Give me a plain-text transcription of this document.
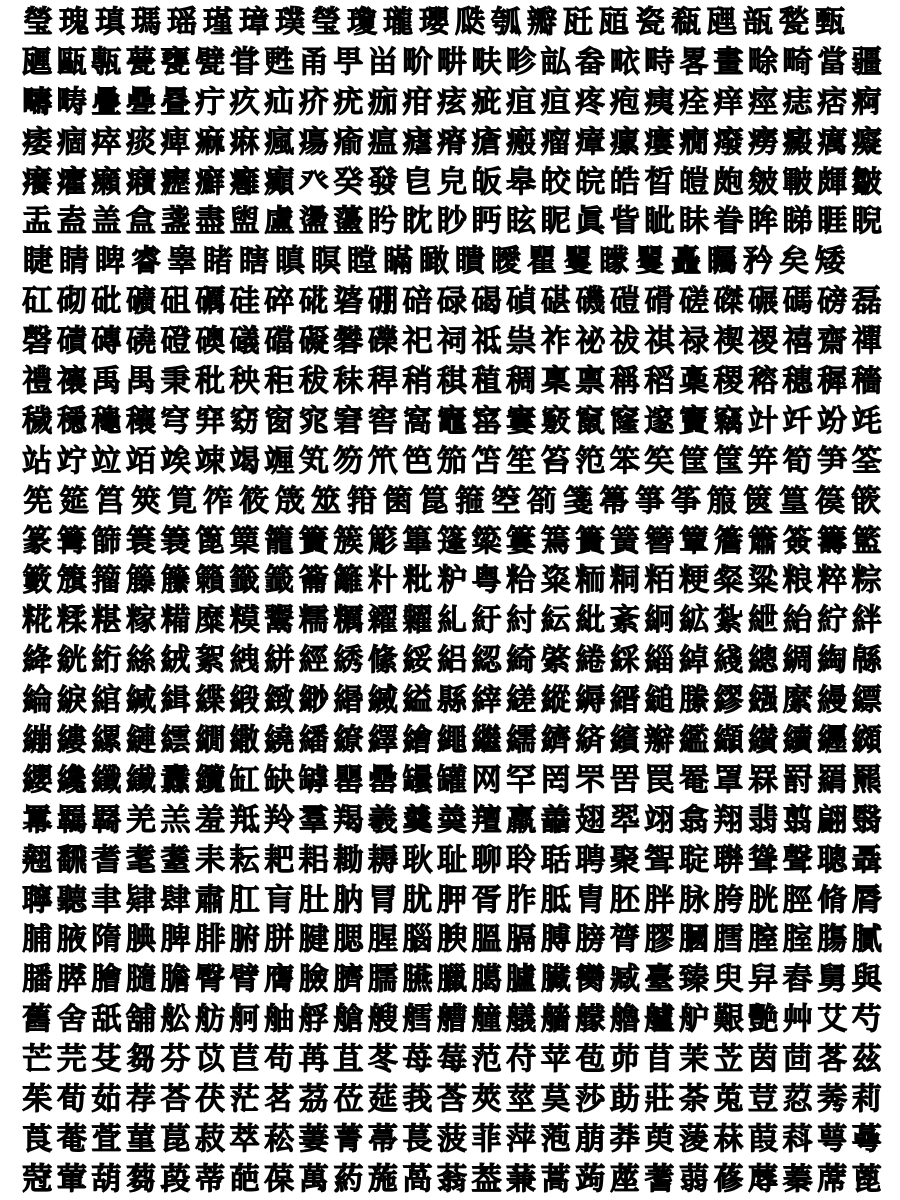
瑩 瑰 瑱 瑪 瑶 瑾 璋 璞 瑩 瓊 瓏 瓔 瓞 瓠 瓣 瓩 瓸 瓷 瓻 瓼 瓿 甃 甄
甅 甌 甎 甍 甕 甓 甞 甦 甬 甼 畄 畍 畊 畉 畛 畆 畚 畩 畤 畧 畫 畭 畸 當 疆
疇 畴 疊 疉 疂 疔 疚 疝 疥 疣 痂 疳 痃 疵 疽 疸 疼 疱 痍 痊 痒 痙 痣 痞 痾
痿 痼 瘁 痰 痺 痲 痳 瘋 瘍 瘉 瘟 瘧 瘠 瘡 瘢 瘤 瘴 瘰 瘻 癇 癈 癆 癜 癘 癡
癢 癨 癩 癪 癧 癬 癰 癲 癶 癸 發 皀 皃 皈 皋 皎 皖 皓 晳 皚 皰 皴 皸 皹 皺
盂 盍 盖 盒 盞 盡 盥 盧 盪 蘯 盻 眈 眇 眄 眩 眤 眞 眥 眦 眛 眷 眸 睇 睚 睨
睫 睛 睥 睿 睾 睹 瞎 瞋 瞑 瞠 瞞 瞰 瞶 瞹 瞿 矍 矇 矍 矗 矚 矜 矣 矮
矼 砌 砒 礦 砠 礪 硅 碎 硴 碆 硼 碚 碌 碣 碵 碪 磯 磑 磆 磋 磔 碾 碼 磅 磊
磬 磧 磚 磽 磴 礇 礒 礑 礙 礬 礫 祀 祠 祗 祟 祚 祕 祓 祺 禄 禊 禝 禧 齋 禪
禮 禳 禹 禺 秉 秕 秧 秬 秡 秣 稈 稍 稘 稙 稠 稟 禀 稱 稻 稾 稷 穃 穗 穉 穡
穢 穩 龝 穰 穹 穽 窈 窗 窕 窘 窖 窩 竈 窰 窶 竅 竄 窿 邃 竇 竊 竍 竏 竕 竓
站 竚 竝 竡 竢 竦 竭 竰 笂 笏 笊 笆 笳 笘 笙 笞 笵 笨 笶 筐 筺 笄 筍 笋 筌
筅 筵 筥 筴 筧 筰 筱 筬 筮 箝 箘 箟 箍 箜 箚 箋 箒 箏 筝 箙 篋 篁 篌 篏
篆 篝 篩 簑 簔 篦 篥 籠 簀 簇 簓 篳 篷 簗 簍 篶 簣 簧 簪 簟 簷 簫 簽 籌 籃
籔 籏 籀 籐 籘 籟 籤 籖 籥 籬 籵 粃 粐 粤 粭 粢 粫 粡 粨 粳 粲 粱 粮 粹 粽
糀 糅 糂 糘 糒 糜 糢 鬻 糯 糲 糴 糶 糺 紆 紂 紜 紕 紊 絅 絋 紮 紲 紿 紵 絆
絳 絖 絎 絲 絨 絮 絏 絣 經 綉 絛 綏 絽 綛 綺 綮 綣 綵 緇 綽 綫 總 綢 綯 緜
綸 綟 綰 緘 緝 緤 緞 緻 緲 緡 縅 縊 縣 縡 縒 縱 縟 縉 縋 縢 繆 繦 縻 縵 縹
繃 縷 縲 縺 繧 繝 繖 繞 繙 繚 繹 繪 繩 繼 繻 纃 緕 繽 辮 繿 纈 纉 續 纒 纐
纓 纔 纖 纎 纛 纜 缸 缺 罅 罌 罍 罎 罐 网 罕 罔 罘 罟 罠 罨 罩 罧 罸 羂 羆
羃 羈 羇 羌 羔 羞 羝 羚 羣 羯 羲 羹 羮 羶 羸 譱 翅 翆 翊 翕 翔 翡 翦 翩 翳
翹 飜 耆 耄 耋 耒 耘 耙 耜 耡 耨 耿 耻 聊 聆 聒 聘 聚 聟 聢 聨 聳 聲 聰 聶
聹 聽 聿 肄 肆 肅 肛 肓 肚 肭 冐 肬 胛 胥 胙 胝 胄 胚 胖 脉 胯 胱 脛 脩 脣
脯 腋 隋 腆 脾 腓 腑 胼 腱 腮 腥 腦 腴 膃 膈 膊 膀 膂 膠 膕 膤 膣 腟 膓 膩
膰 膵 膾 膸 膽 臀 臂 膺 臉 臍 臑 臙 臘 臈 臚 臟 臠 臧 臺 臻 臾 舁 舂 舅 與
舊 舍 舐 舖 舩 舫 舸 舳 艀 艙 艘 艝 艚 艟 艤 艢 艨 艪 艫 舮 艱 艷 艸 艾 芍
芒 芫 芟 芻 芬 苡 苣 苟 苒 苴 苳 苺 莓 范 苻 苹 苞 茆 苜 茉 苙 茵 茴 茖 茲
茱 荀 茹 荐 荅 茯 茫 茗 茘 莅 莚 莪 莟 莢 莖 茣 莎 莇 莊 荼 莵 荳 荵 莠 莉
莨 菴 萓 菫 菎 菽 萃 菘 萋 菁 菷 萇 菠 菲 萍 萢 萠 莽 萸 蔆 菻 葭 萪 萼 蕚
蒄 葷 葫 蒭 葮 蒂 葩 葆 萬 葯 葹 萵 蓊 葢 蒹 蒿 蒟 蓙 蓍 蒻 蓚 蓐 蓁 蓆 蓖
